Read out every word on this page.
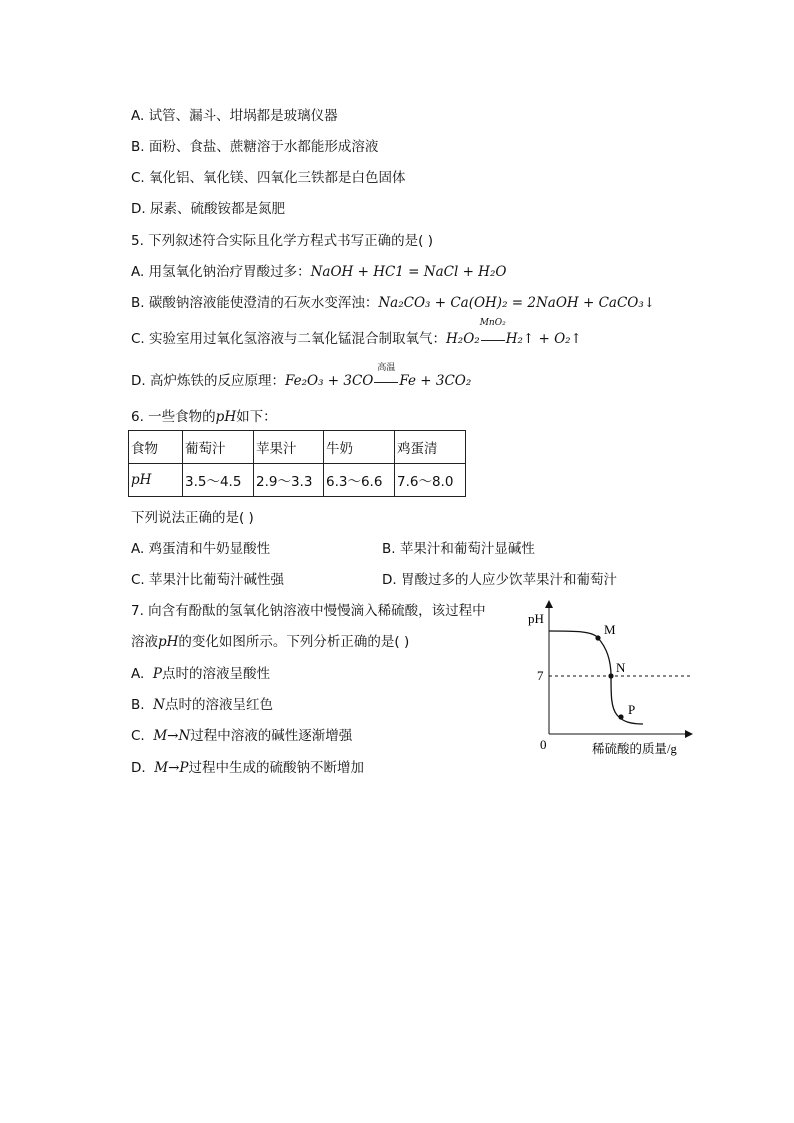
A. 试管、漏斗、坩埚都是玻璃仪器
B. 面粉、食盐、蔗糖溶于水都能形成溶液
C. 氧化铝、氧化镁、四氧化三铁都是白色固体
D. 尿素、硫酸铵都是氮肥
5. 下列叙述符合实际且化学方程式书写正确的是( )
A. 用氢氧化钠治疗胃酸过多：NaOH + HC1 = NaCl + H₂O
B. 碳酸钠溶液能使澄清的石灰水变浑浊：Na₂CO₃ + Ca(OH)₂ = 2NaOH + CaCO₃↓
C. 实验室用过氧化氢溶液与二氧化锰混合制取氧气：H₂O₂
MnO₂
H₂↑ + O₂↑
D. 高炉炼铁的反应原理：Fe₂O₃ + 3CO
高温
Fe + 3CO₂
6. 一些食物的pH如下：
食物	葡萄汁	苹果汁	牛奶	鸡蛋清
pH	3.5～4.5	2.9～3.3	6.3～6.6	7.6～8.0
下列说法正确的是( )
A. 鸡蛋清和牛奶显酸性	B. 苹果汁和葡萄汁显碱性
C. 苹果汁比葡萄汁碱性强	D. 胃酸过多的人应少饮苹果汁和葡萄汁
7. 向含有酚酞的氢氧化钠溶液中慢慢滴入稀硫酸，该过程中
溶液pH的变化如图所示。下列分析正确的是( )
A. P点时的溶液呈酸性
B. N点时的溶液呈红色
C. M→N过程中溶液的碱性逐渐增强
D. M→P过程中生成的硫酸钠不断增加
pH
7
0
M
N
P
稀硫酸的质量/g
